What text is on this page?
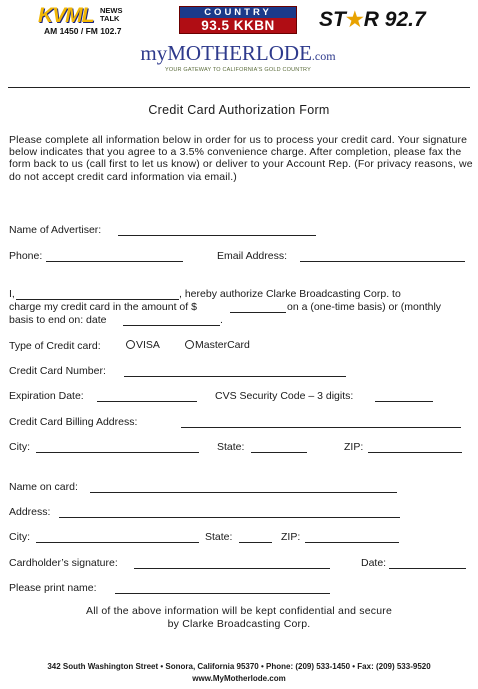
KVML NEWS TALK
AM 1450 / FM 102.7
COUNTRY
93.5 KKBN	ST★R 92.7
myMOTHERLODE.com
YOUR GATEWAY TO CALIFORNIA'S GOLD COUNTRY
Credit Card Authorization Form
Please complete all information below in order for us to process your credit card. Your signature below indicates that you agree to a 3.5% convenience charge. After completion, please fax the form back to us (call first to let us know) or deliver to your Account Rep. (For privacy reasons, we do not accept credit card information via email.)
Name of Advertiser:
Phone:	Email Address:
I,	, hereby authorize Clarke Broadcasting Corp. to
charge my credit card in the amount of $	on a (one-time basis) or (monthly
basis to end on: date	.
Type of Credit card:	VISA	MasterCard
Credit Card Number:
Expiration Date:	CVS Security Code – 3 digits:
Credit Card Billing Address:
City:	State:	ZIP:
Name on card:
Address:
City:	State:	ZIP:
Cardholder’s signature:	Date:
Please print name:
All of the above information will be kept confidential and secure
by Clarke Broadcasting Corp.
342 South Washington Street • Sonora, California 95370 • Phone: (209) 533-1450 • Fax: (209) 533-9520
www.MyMotherlode.com
